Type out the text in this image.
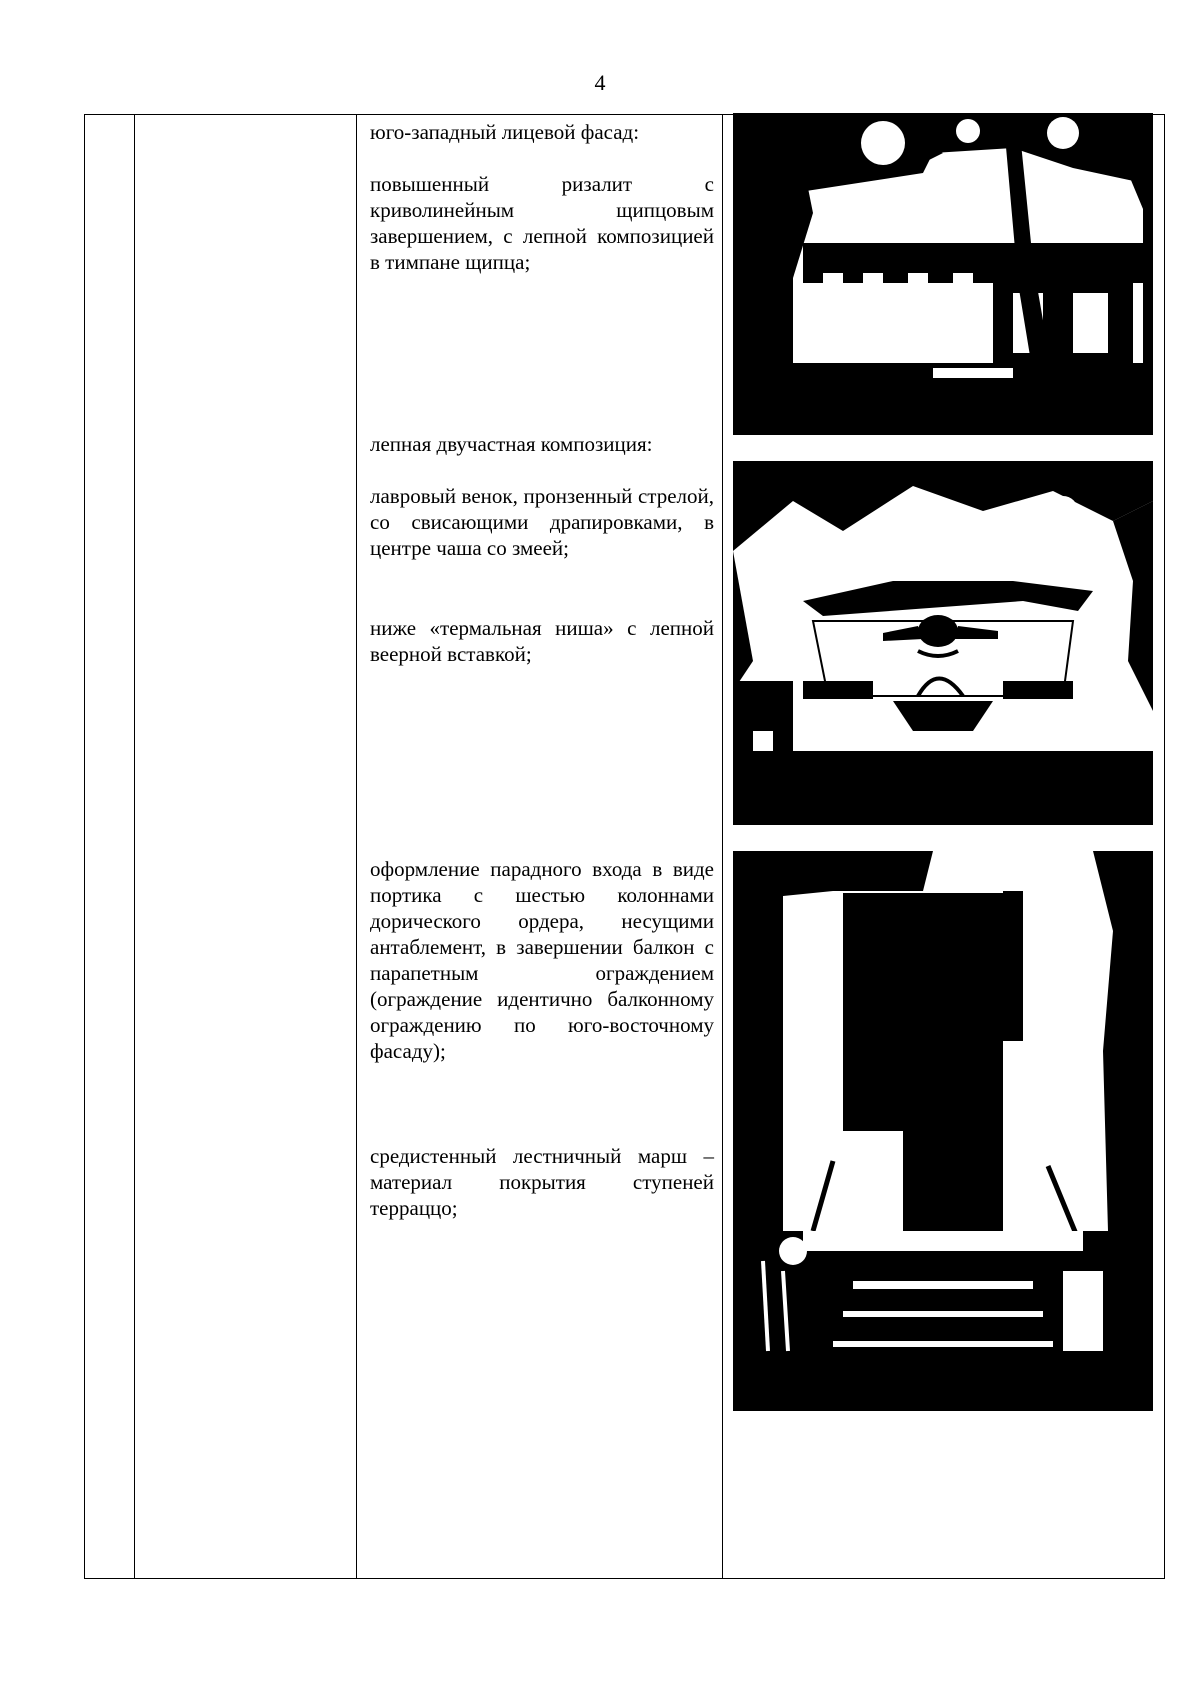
4

юго-западный лицевой фасад:

повышенный ризалит с криволинейным щипцовым завершением, с лепной композицией в тимпане щипца;

лепная двучастная композиция:

лавровый венок, пронзенный стрелой, со свисающими драпировками, в центре чаша со змеей;

ниже «термальная ниша» с лепной веерной вставкой;

оформление парадного входа в виде портика с шестью колоннами дорического ордера, несущими антаблемент, в завершении балкон с парапетным ограждением (ограждение идентично балконному ограждению по юго-восточному фасаду);

средистенный лестничный марш – материал покрытия ступеней терраццо;
